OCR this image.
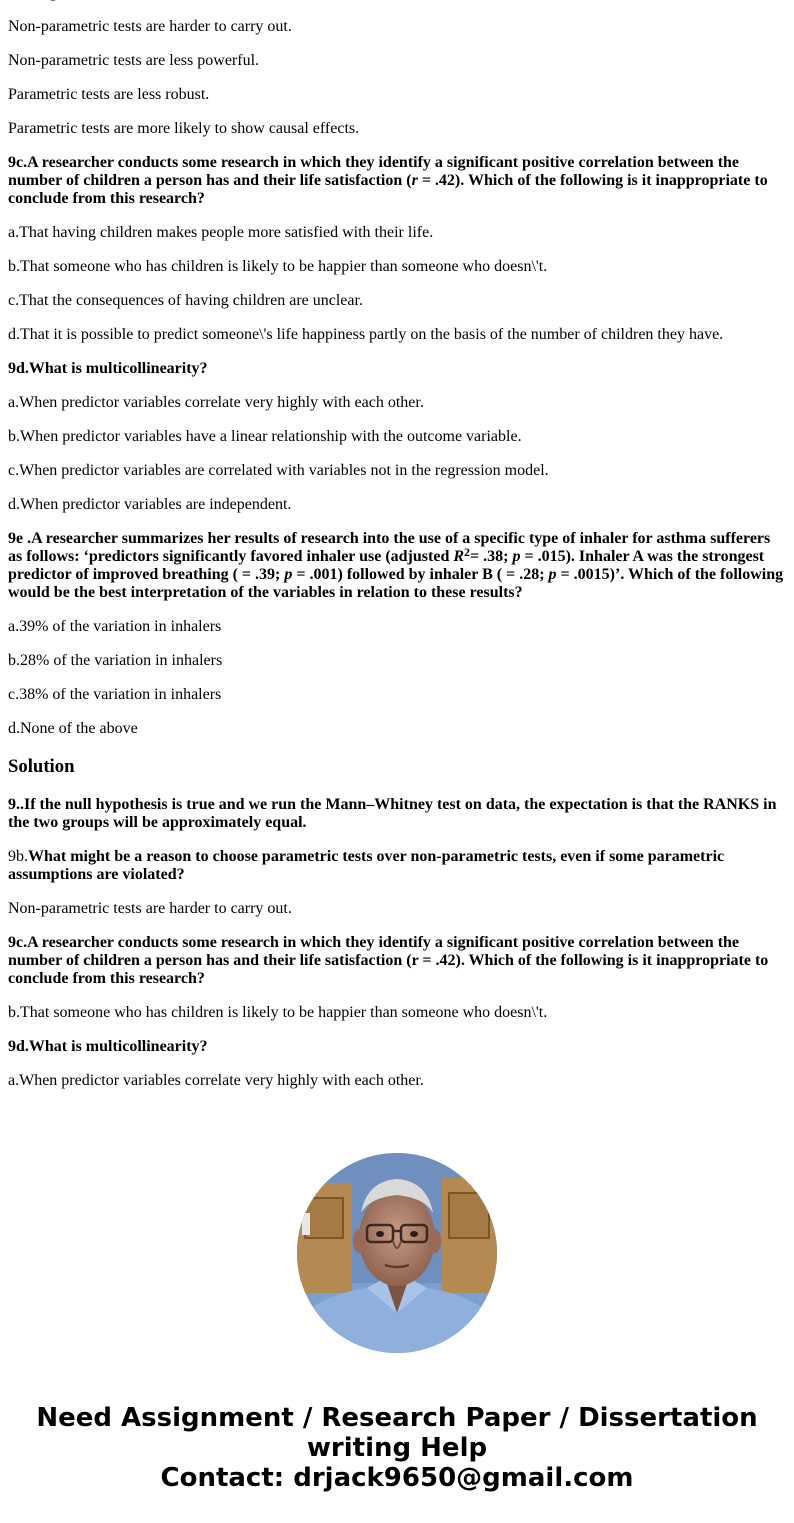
Non-parametric tests are harder to carry out.
Non-parametric tests are less powerful.
Parametric tests are less robust.
Parametric tests are more likely to show causal effects.
9c.A researcher conducts some research in which they identify a significant positive correlation between the number of children a person has and their life satisfaction (r = .42). Which of the following is it inappropriate to conclude from this research?
a.That having children makes people more satisfied with their life.
b.That someone who has children is likely to be happier than someone who doesn\'t.
c.That the consequences of having children are unclear.
d.That it is possible to predict someone\'s life happiness partly on the basis of the number of children they have.
9d.What is multicollinearity?
a.When predictor variables correlate very highly with each other.
b.When predictor variables have a linear relationship with the outcome variable.
c.When predictor variables are correlated with variables not in the regression model.
d.When predictor variables are independent.
9e .A researcher summarizes her results of research into the use of a specific type of inhaler for asthma sufferers as follows: ‘predictors significantly favored inhaler use (adjusted $R^2= .38$; p = .015). Inhaler A was the strongest predictor of improved breathing ( = .39; p = .001) followed by inhaler B ( = .28; p = .0015)’. Which of the following would be the best interpretation of the variables in relation to these results?
a.39% of the variation in inhalers
b.28% of the variation in inhalers
c.38% of the variation in inhalers
d.None of the above
Solution
9..If the null hypothesis is true and we run the Mann–Whitney test on data, the expectation is that the RANKS in the two groups will be approximately equal.
9b.What might be a reason to choose parametric tests over non-parametric tests, even if some parametric assumptions are violated?
Non-parametric tests are harder to carry out.
9c.A researcher conducts some research in which they identify a significant positive correlation between the number of children a person has and their life satisfaction (r = .42). Which of the following is it inappropriate to conclude from this research?
b.That someone who has children is likely to be happier than someone who doesn\'t.
9d.What is multicollinearity?
a.When predictor variables correlate very highly with each other.
Need Assignment / Research Paper / Dissertation writing Help
Contact: drjack9650@gmail.com
